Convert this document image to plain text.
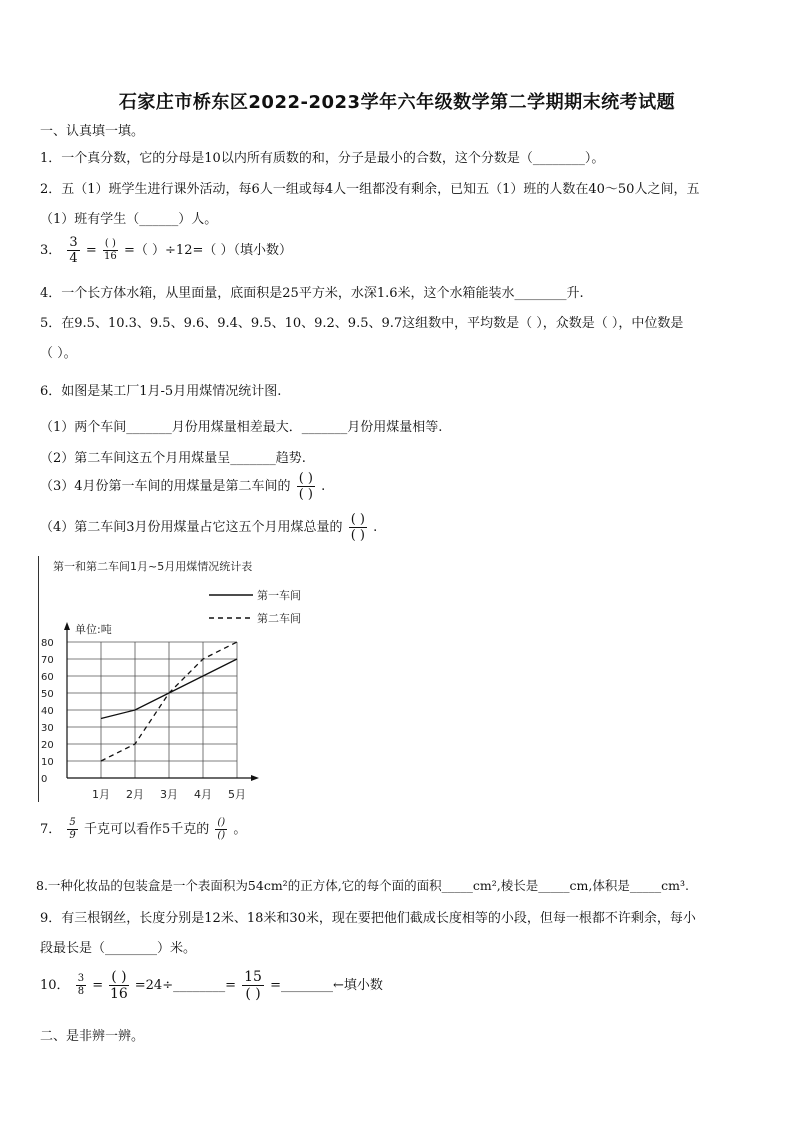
石家庄市桥东区2022-2023学年六年级数学第二学期期末统考试题
一、认真填一填。
1．一个真分数，它的分母是10以内所有质数的和，分子是最小的合数，这个分数是（________）。
2．五（1）班学生进行课外活动，每6人一组或每4人一组都没有剩余，已知五（1）班的人数在40～50人之间，五
（1）班有学生（______）人。
3． $\frac{3}{4} = \frac{( )}{16}$ =（ ）÷12=（ ）（填小数）
4．一个长方体水箱，从里面量，底面积是25平方米，水深1.6米，这个水箱能装水________升.
5．在9.5、10.3、9.5、9.6、9.4、9.5、10、9.2、9.5、9.7这组数中，平均数是（ ），众数是（ ），中位数是
（ ）。
6．如图是某工厂1月-5月用煤情况统计图.
（1）两个车间_______月份用煤量相差最大．_______月份用煤量相等.
（2）第二车间这五个月用煤量呈_______趋势.
（3）4月份第一车间的用煤量是第二车间的 $\frac{( )}{( )}$ .
（4）第二车间3月份用煤量占它这五个月用煤总量的 $\frac{( )}{( )}$ .
第一和第二车间1月~5月用煤情况统计表
第一车间
第二车间
单位:吨
0
10
20
30
40
50
60
70
80
1月 2月 3月 4月 5月
7． $\frac{5}{9}$ 千克可以看作5千克的 $\frac{()}{()}$ 。
8.一种化妆品的包装盒是一个表面积为54cm²的正方体,它的每个面的面积_____cm²,棱长是_____cm,体积是_____cm³.
9．有三根钢丝，长度分别是12米、18米和30米，现在要把他们截成长度相等的小段，但每一根都不许剩余，每小
段最长是（________）米。
10． $\frac{3}{8} = \frac{( )}{16}$ =24÷________= $\frac{15}{( )}$ =________←填小数
二、是非辨一辨。
